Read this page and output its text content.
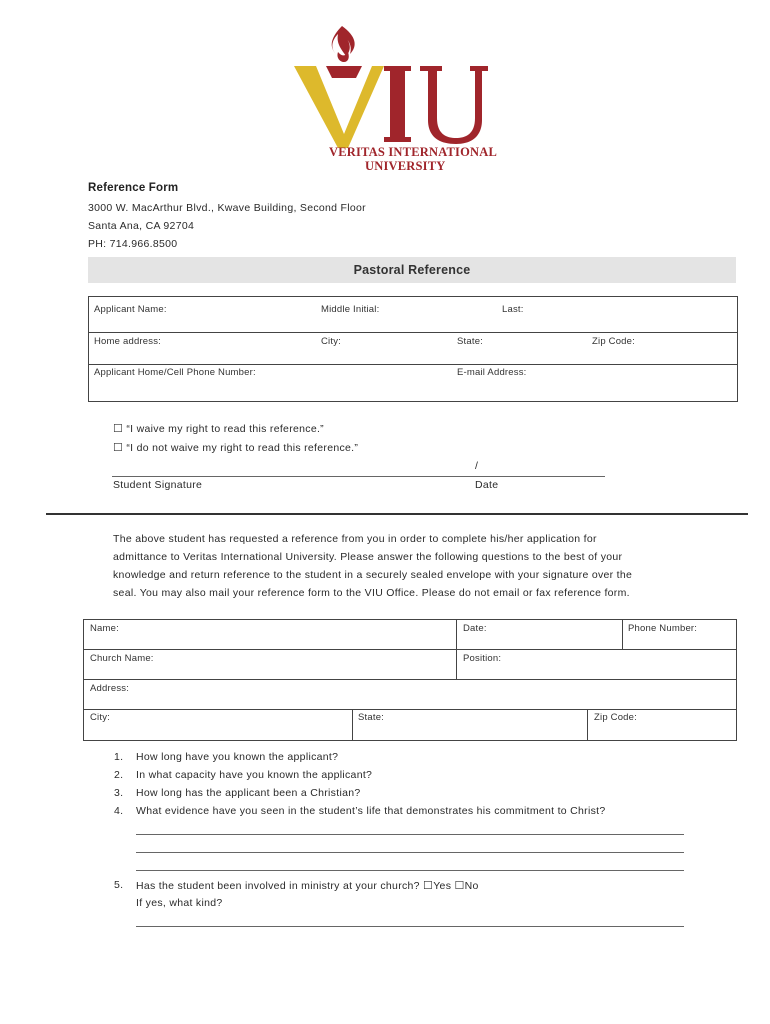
VERITAS INTERNATIONAL
UNIVERSITY
Reference Form
3000 W. MacArthur Blvd., Kwave Building, Second Floor
Santa Ana, CA 92704
PH: 714.966.8500
Pastoral Reference
Applicant Name:	Middle Initial:	Last:
Home address:	City:	State:	Zip Code:
Applicant Home/Cell Phone Number:	E-mail Address:
☐ “I waive my right to read this reference.”
☐ “I do not waive my right to read this reference.”
/
Student Signature	Date
The above student has requested a reference from you in order to complete his/her application for
admittance to Veritas International University. Please answer the following questions to the best of your
knowledge and return reference to the student in a securely sealed envelope with your signature over the
seal. You may also mail your reference form to the VIU Office. Please do not email or fax reference form.
Name:	Date:	Phone Number:
Church Name:	Position:
Address:
City:	State:	Zip Code:
1. How long have you known the applicant?
2. In what capacity have you known the applicant?
3. How long has the applicant been a Christian?
4. What evidence have you seen in the student’s life that demonstrates his commitment to Christ?
5. Has the student been involved in ministry at your church? ☐Yes ☐No
If yes, what kind?
